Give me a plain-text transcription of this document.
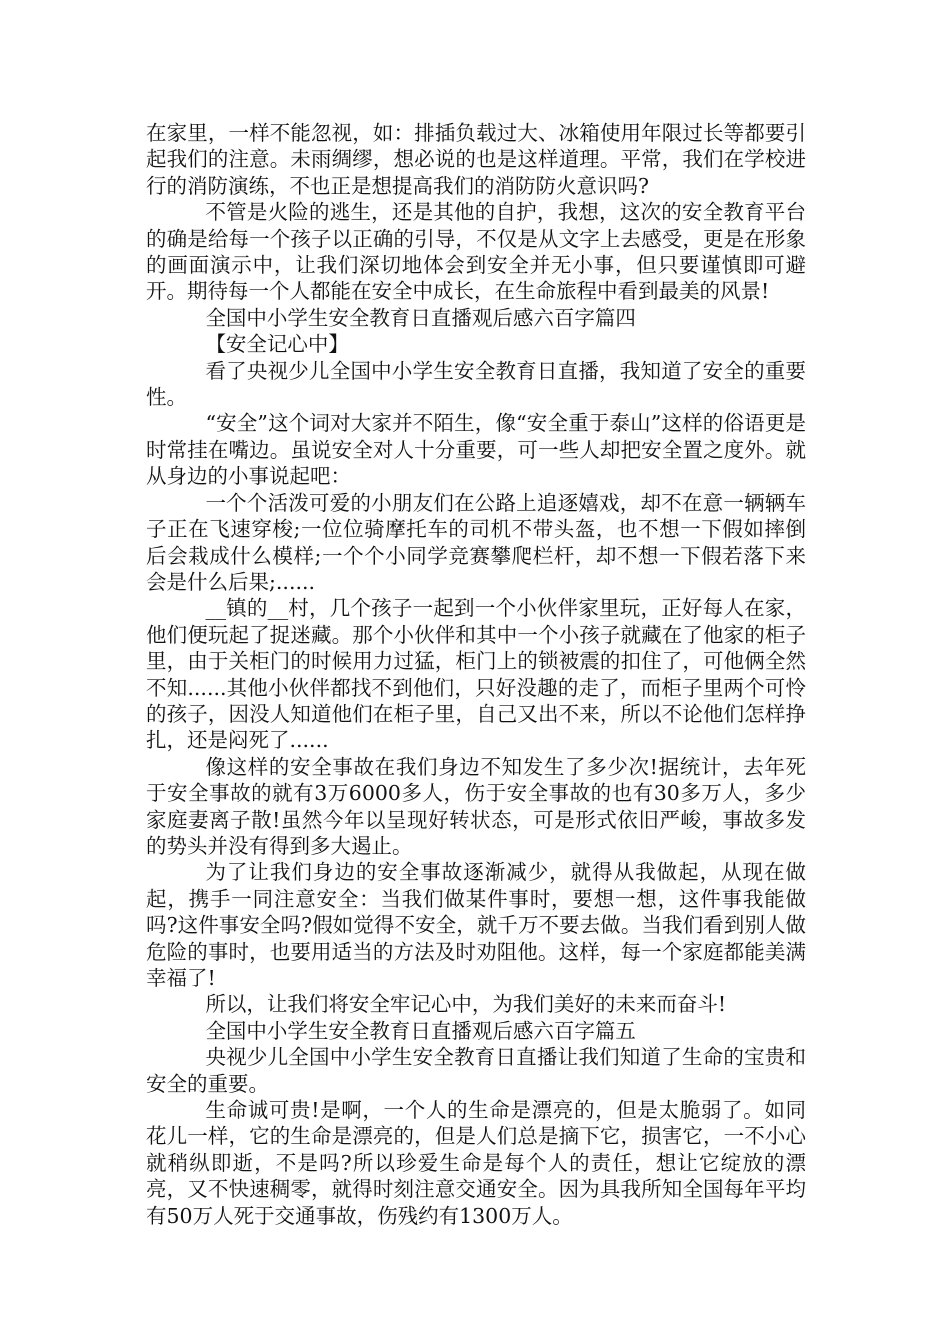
在家里，一样不能忽视，如：排插负载过大、冰箱使用年限过长等都要引起我们的注意。未雨绸缪，想必说的也是这样道理。平常，我们在学校进行的消防演练，不也正是想提高我们的消防防火意识吗?

不管是火险的逃生，还是其他的自护，我想，这次的安全教育平台的确是给每一个孩子以正确的引导，不仅是从文字上去感受，更是在形象的画面演示中，让我们深切地体会到安全并无小事，但只要谨慎即可避开。期待每一个人都能在安全中成长，在生命旅程中看到最美的风景!

全国中小学生安全教育日直播观后感六百字篇四

【安全记心中】

看了央视少儿全国中小学生安全教育日直播，我知道了安全的重要性。

“安全”这个词对大家并不陌生，像“安全重于泰山”这样的俗语更是时常挂在嘴边。虽说安全对人十分重要，可一些人却把安全置之度外。就从身边的小事说起吧：

一个个活泼可爱的小朋友们在公路上追逐嬉戏，却不在意一辆辆车子正在飞速穿梭;一位位骑摩托车的司机不带头盔，也不想一下假如摔倒后会栽成什么模样;一个个小同学竞赛攀爬栏杆，却不想一下假若落下来会是什么后果;......

__镇的__村，几个孩子一起到一个小伙伴家里玩，正好每人在家，他们便玩起了捉迷藏。那个小伙伴和其中一个小孩子就藏在了他家的柜子里，由于关柜门的时候用力过猛，柜门上的锁被震的扣住了，可他俩全然不知......其他小伙伴都找不到他们，只好没趣的走了，而柜子里两个可怜的孩子，因没人知道他们在柜子里，自己又出不来，所以不论他们怎样挣扎，还是闷死了......

像这样的安全事故在我们身边不知发生了多少次!据统计，去年死于安全事故的就有3万6000多人，伤于安全事故的也有30多万人，多少家庭妻离子散!虽然今年以呈现好转状态，可是形式依旧严峻，事故多发的势头并没有得到多大遏止。

为了让我们身边的安全事故逐渐减少，就得从我做起，从现在做起，携手一同注意安全：当我们做某件事时，要想一想，这件事我能做吗?这件事安全吗?假如觉得不安全，就千万不要去做。当我们看到别人做危险的事时，也要用适当的方法及时劝阻他。这样，每一个家庭都能美满幸福了!

所以，让我们将安全牢记心中，为我们美好的未来而奋斗!

全国中小学生安全教育日直播观后感六百字篇五

央视少儿全国中小学生安全教育日直播让我们知道了生命的宝贵和安全的重要。

生命诚可贵!是啊，一个人的生命是漂亮的，但是太脆弱了。如同花儿一样，它的生命是漂亮的，但是人们总是摘下它，损害它，一不小心就稍纵即逝，不是吗?所以珍爱生命是每个人的责任，想让它绽放的漂亮，又不快速稠零，就得时刻注意交通安全。因为具我所知全国每年平均有50万人死于交通事故，伤残约有1300万人。
